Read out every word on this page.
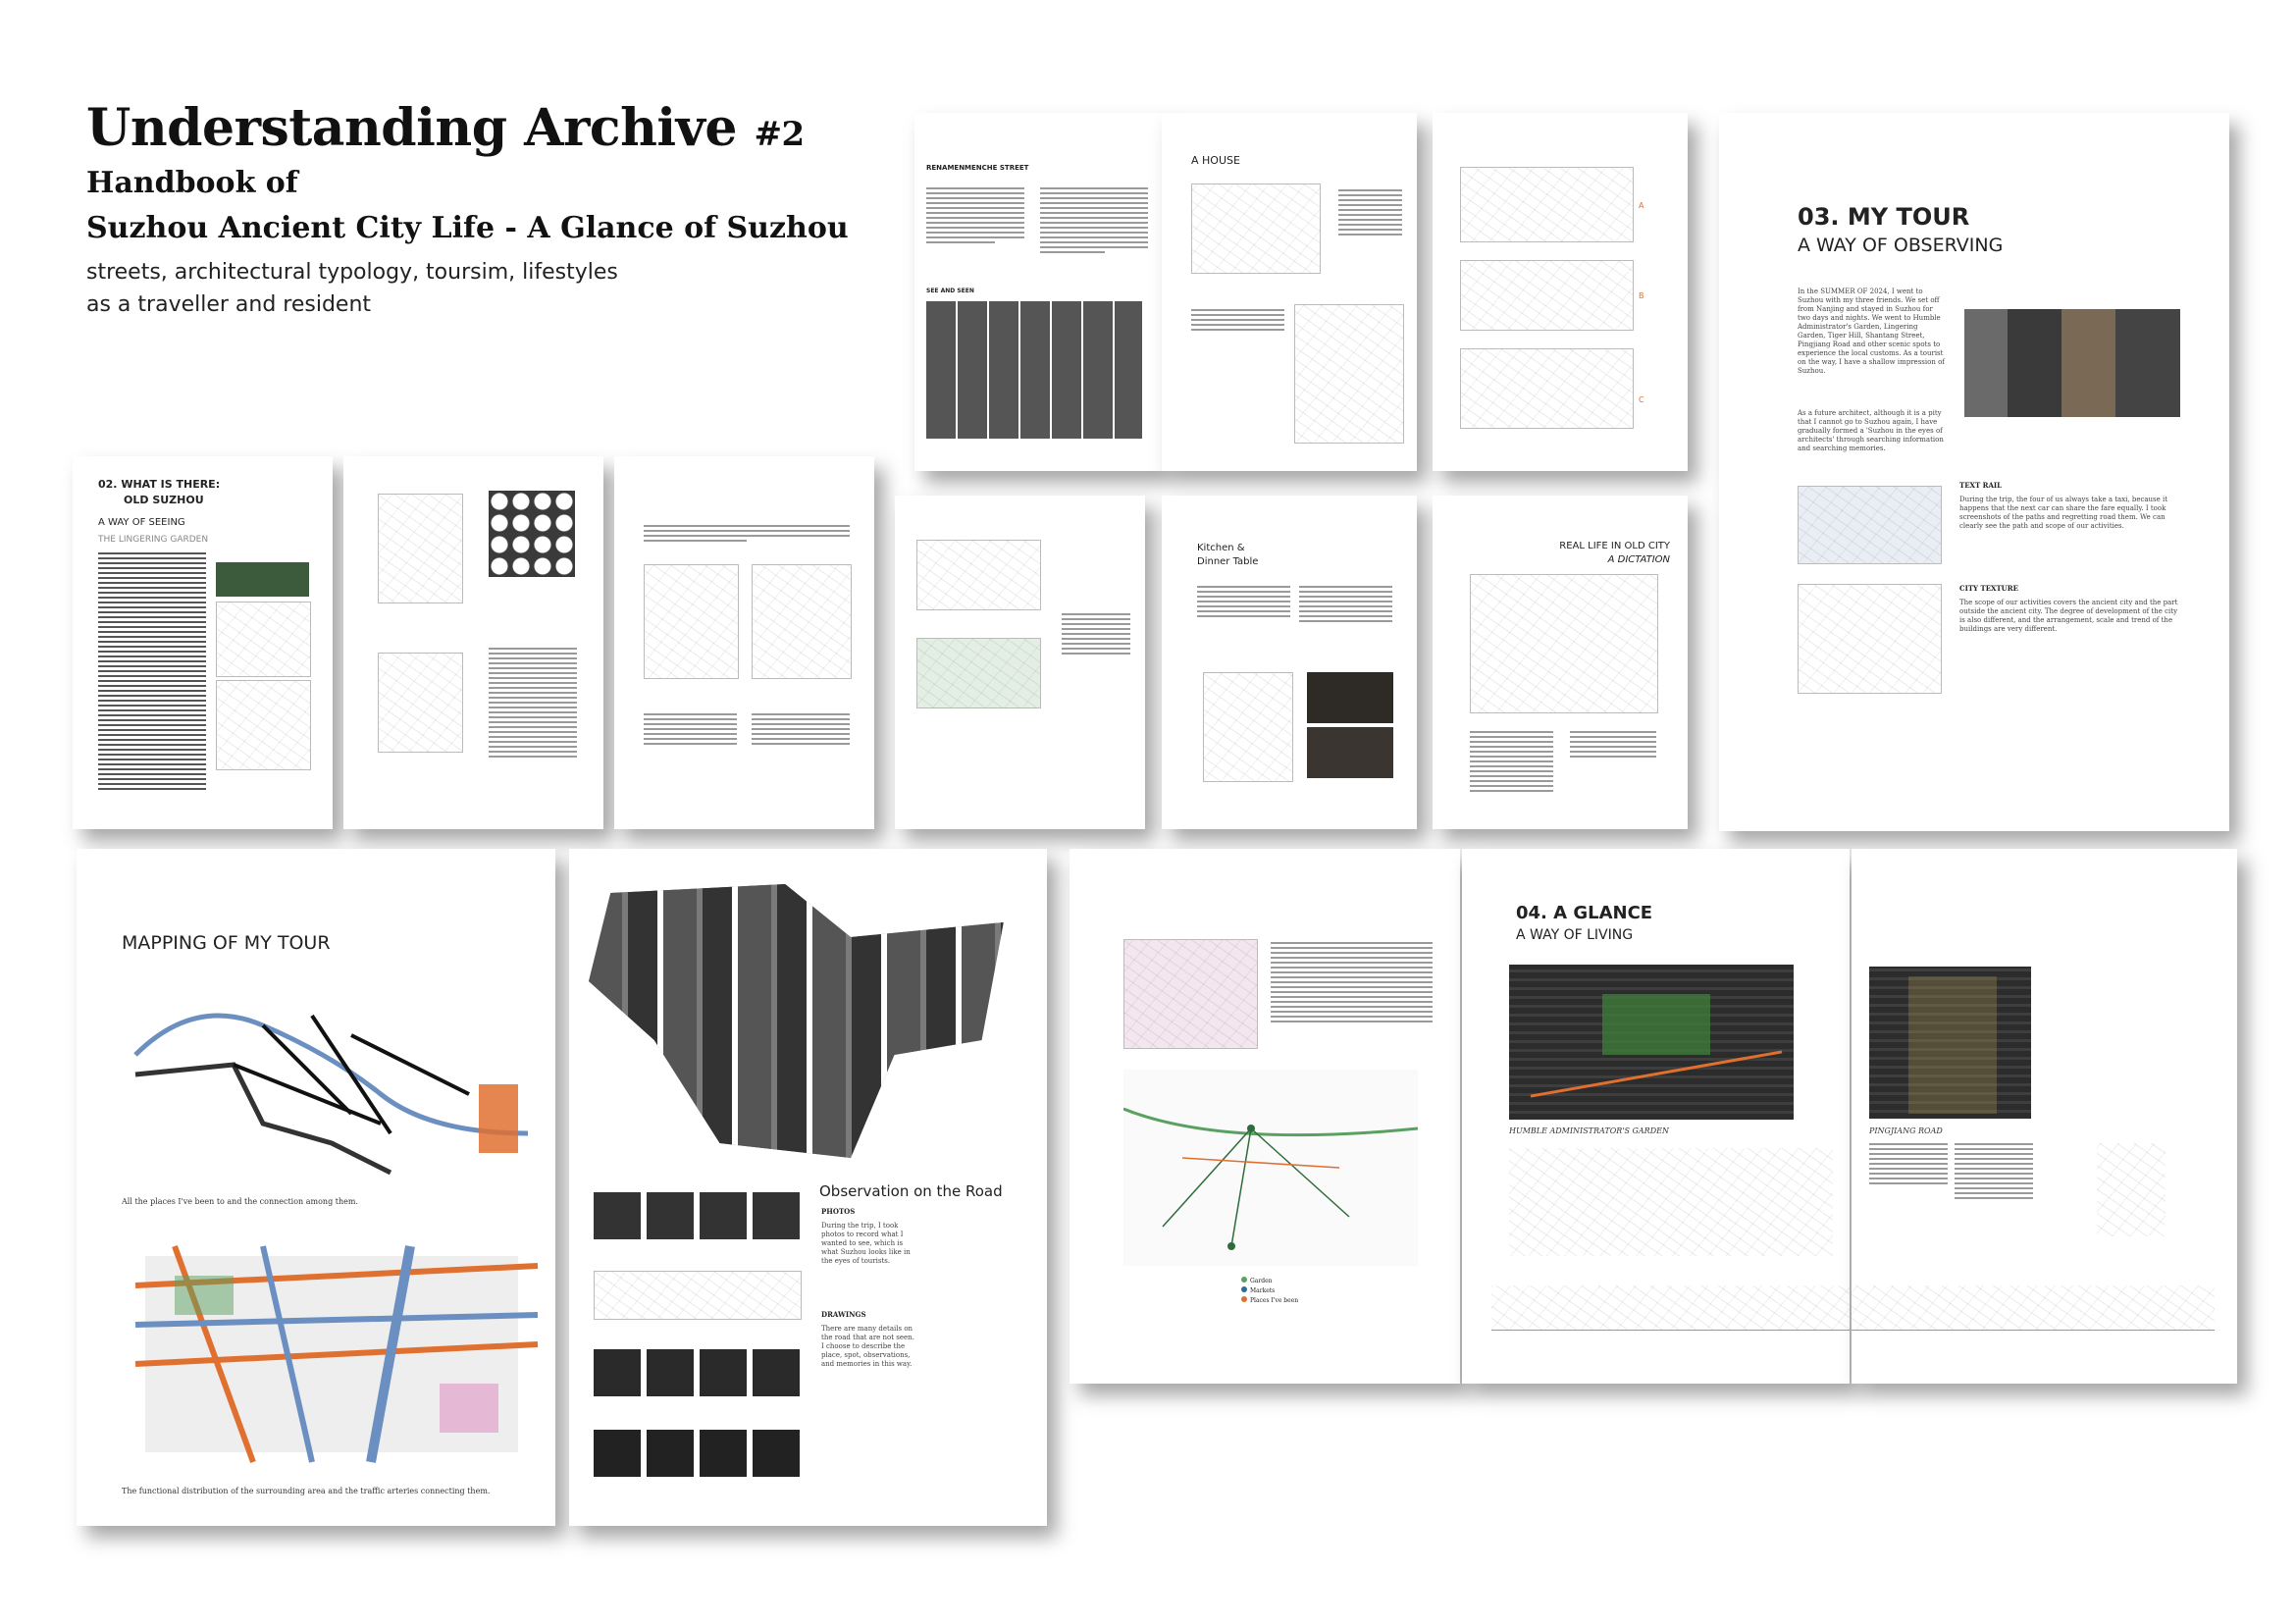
Understanding Archive #2
Handbook of
Suzhou Ancient City Life - A Glance of Suzhou
streets, architectural typology, toursim, lifestyles
as a traveller and resident
RENAMENMENCHE STREET
SEE AND SEEN
A HOUSE
A
B
C
03. MY TOUR
A WAY OF OBSERVING
In the SUMMER OF 2024, I went to Suzhou with my three friends. We set off from Nanjing and stayed in Suzhou for two days and nights. We went to Humble Administrator's Garden, Lingering Garden, Tiger Hill, Shantang Street, Pingjiang Road and other scenic spots to experience the local customs. As a tourist on the way, I have a shallow impression of Suzhou.
As a future architect, although it is a pity that I cannot go to Suzhou again, I have gradually formed a 'Suzhou in the eyes of architects' through searching information and searching memories.
TEXT RAIL
During the trip, the four of us always take a taxi, because it happens that the next car can share the fare equally. I took screenshots of the paths and regretting road them. We can clearly see the path and scope of our activities.
CITY TEXTURE
The scope of our activities covers the ancient city and the part outside the ancient city. The degree of development of the city is also different, and the arrangement, scale and trend of the buildings are very different.
02. WHAT IS THERE:
OLD SUZHOU
A WAY OF SEEING
THE LINGERING GARDEN
Kitchen &
Dinner Table
REAL LIFE IN OLD CITY
A DICTATION
MAPPING OF MY TOUR
All the places I've been to and the connection among them.
The functional distribution of the surrounding area and the traffic arteries connecting them.
Observation on the Road
PHOTOS
During the trip, I took photos to record what I wanted to see, which is what Suzhou looks like in the eyes of tourists.
DRAWINGS
There are many details on the road that are not seen. I choose to describe the place, spot, observations, and memories in this way.
Garden
Markets
Places I've been
04. A GLANCE
A WAY OF LIVING
HUMBLE ADMINISTRATOR'S GARDEN	PINGJIANG ROAD
